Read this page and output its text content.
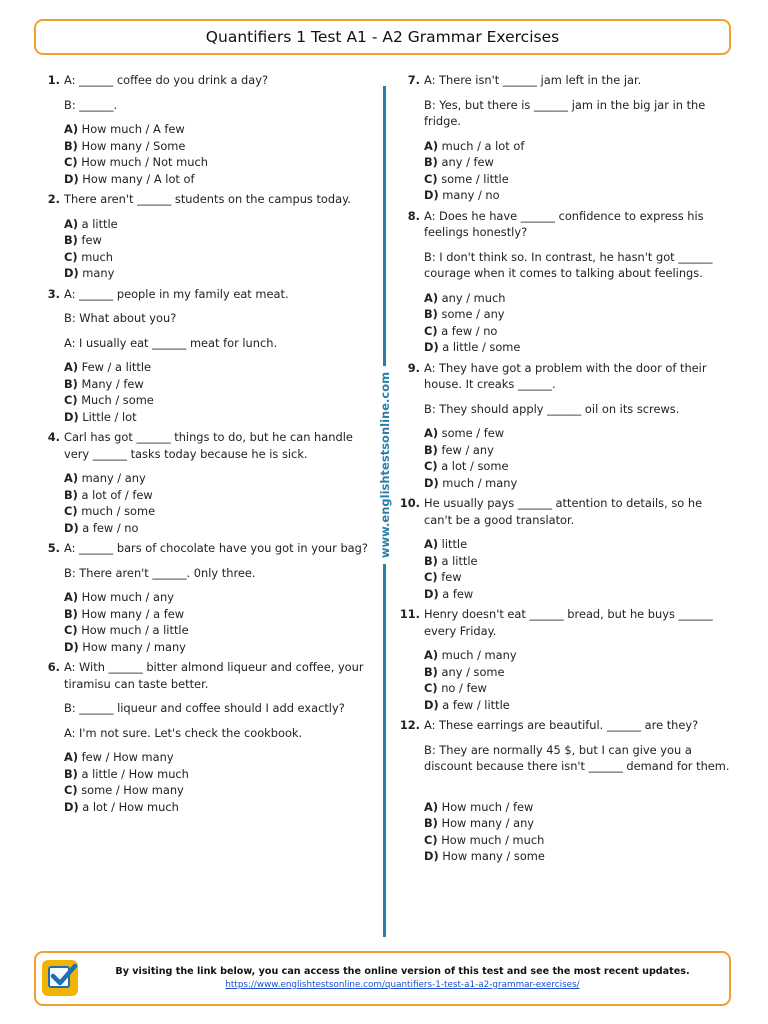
Quantifiers 1 Test A1 - A2 Grammar Exercises
1. A: ______ coffee do you drink a day?
B: ______.
A) How much / A few
B) How many / Some
C) How much / Not much
D) How many / A lot of
2. There aren't ______ students on the campus today.
A) a little
B) few
C) much
D) many
3. A: ______ people in my family eat meat.
B: What about you?
A: I usually eat ______ meat for lunch.
A) Few / a little
B) Many / few
C) Much / some
D) Little / lot
4. Carl has got ______ things to do, but he can handle
very ______ tasks today because he is sick.
A) many / any
B) a lot of / few
C) much / some
D) a few / no
5. A: ______ bars of chocolate have you got in your bag?
B: There aren't ______. 0nly three.
A) How much / any
B) How many / a few
C) How much / a little
D) How many / many
6. A: With ______ bitter almond liqueur and coffee, your
tiramisu can taste better.
B: ______ liqueur and coffee should I add exactly?
A: I'm not sure. Let's check the cookbook.
A) few / How many
B) a little / How much
C) some / How many
D) a lot / How much
7. A: There isn't ______ jam left in the jar.
B: Yes, but there is ______ jam in the big jar in the
fridge.
A) much / a lot of
B) any / few
C) some / little
D) many / no
8. A: Does he have ______ confidence to express his
feelings honestly?
B: I don't think so. In contrast, he hasn't got ______
courage when it comes to talking about feelings.
A) any / much
B) some / any
C) a few / no
D) a little / some
9. A: They have got a problem with the door of their
house. It creaks ______.
B: They should apply ______ oil on its screws.
A) some / few
B) few / any
C) a lot / some
D) much / many
10. He usually pays ______ attention to details, so he
can't be a good translator.
A) little
B) a little
C) few
D) a few
11. Henry doesn't eat ______ bread, but he buys ______
every Friday.
A) much / many
B) any / some
C) no / few
D) a few / little
12. A: These earrings are beautiful. ______ are they?
B: They are normally 45 $, but I can give you a
discount because there isn't ______ demand for them.
A) How much / few
B) How many / any
C) How much / much
D) How many / some
www.englishtestsonline.com
By visiting the link below, you can access the online version of this test and see the most recent updates.
https://www.englishtestsonline.com/quantifiers-1-test-a1-a2-grammar-exercises/
